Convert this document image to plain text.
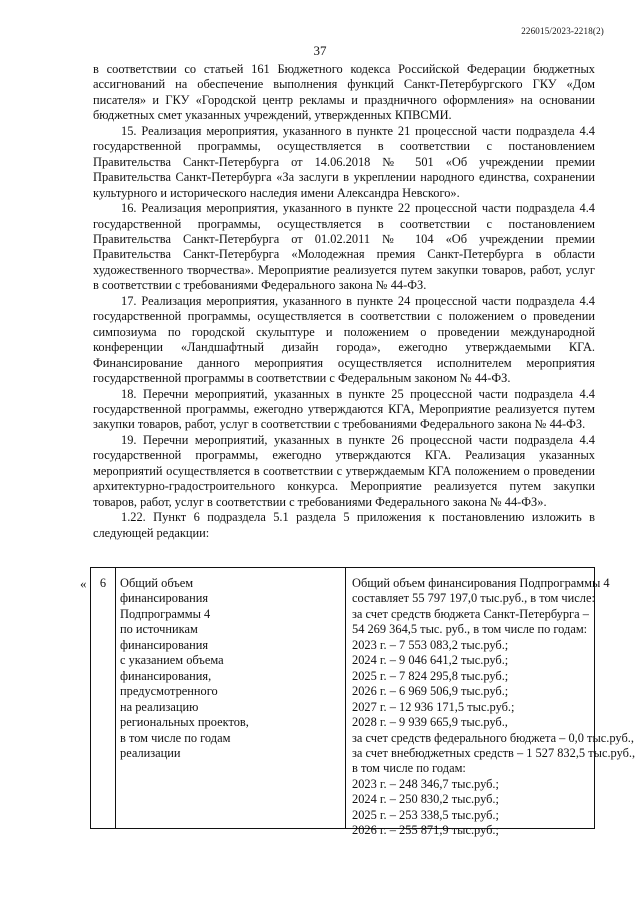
226015/2023-2218(2)
37

в соответствии со статьей 161 Бюджетного кодекса Российской Федерации бюджетных ассигнований на обеспечение выполнения функций Санкт-Петербургского ГКУ «Дом писателя» и ГКУ «Городской центр рекламы и праздничного оформления» на основании бюджетных смет указанных учреждений, утвержденных КПВСМИ.

15. Реализация мероприятия, указанного в пункте 21 процессной части подраздела 4.4 государственной программы, осуществляется в соответствии с постановлением Правительства Санкт-Петербурга от 14.06.2018 № 501 «Об учреждении премии Правительства Санкт-Петербурга «За заслуги в укреплении народного единства, сохранении культурного и исторического наследия имени Александра Невского».

16. Реализация мероприятия, указанного в пункте 22 процессной части подраздела 4.4 государственной программы, осуществляется в соответствии с постановлением Правительства Санкт-Петербурга от 01.02.2011 № 104 «Об учреждении премии Правительства Санкт-Петербурга «Молодежная премия Санкт-Петербурга в области художественного творчества». Мероприятие реализуется путем закупки товаров, работ, услуг в соответствии с требованиями Федерального закона № 44-ФЗ.

17. Реализация мероприятия, указанного в пункте 24 процессной части подраздела 4.4 государственной программы, осуществляется в соответствии с положением о проведении симпозиума по городской скульптуре и положением о проведении международной конференции «Ландшафтный дизайн города», ежегодно утверждаемыми КГА. Финансирование данного мероприятия осуществляется исполнителем мероприятия государственной программы в соответствии с Федеральным законом № 44-ФЗ.

18. Перечни мероприятий, указанных в пункте 25 процессной части подраздела 4.4 государственной программы, ежегодно утверждаются КГА, Мероприятие реализуется путем закупки товаров, работ, услуг в соответствии с требованиями Федерального закона № 44-ФЗ.

19. Перечни мероприятий, указанных в пункте 26 процессной части подраздела 4.4 государственной программы, ежегодно утверждаются КГА. Реализация указанных мероприятий осуществляется в соответствии с утверждаемым КГА положением о проведении архитектурно-градостроительного конкурса. Мероприятие реализуется путем закупки товаров, работ, услуг в соответствии с требованиями Федерального закона № 44-ФЗ».

1.22. Пункт 6 подраздела 5.1 раздела 5 приложения к постановлению изложить в следующей редакции:

«	6	Общий объем
финансирования
Подпрограммы 4
по источникам
финансирования
с указанием объема
финансирования,
предусмотренного
на реализацию
региональных проектов,
в том числе по годам
реализации
Общий объем финансирования Подпрограммы 4
составляет 55 797 197,0 тыс.руб., в том числе:
за счет средств бюджета Санкт-Петербурга –
54 269 364,5 тыс. руб., в том числе по годам:
2023 г. – 7 553 083,2 тыс.руб.;
2024 г. – 9 046 641,2 тыс.руб.;
2025 г. – 7 824 295,8 тыс.руб.;
2026 г. – 6 969 506,9 тыс.руб.;
2027 г. – 12 936 171,5 тыс.руб.;
2028 г. – 9 939 665,9 тыс.руб.,
за счет средств федерального бюджета – 0,0 тыс.руб.,
за счет внебюджетных средств – 1 527 832,5 тыс.руб.,
в том числе по годам:
2023 г. – 248 346,7 тыс.руб.;
2024 г. – 250 830,2 тыс.руб.;
2025 г. – 253 338,5 тыс.руб.;
2026 г. – 255 871,9 тыс.руб.;
